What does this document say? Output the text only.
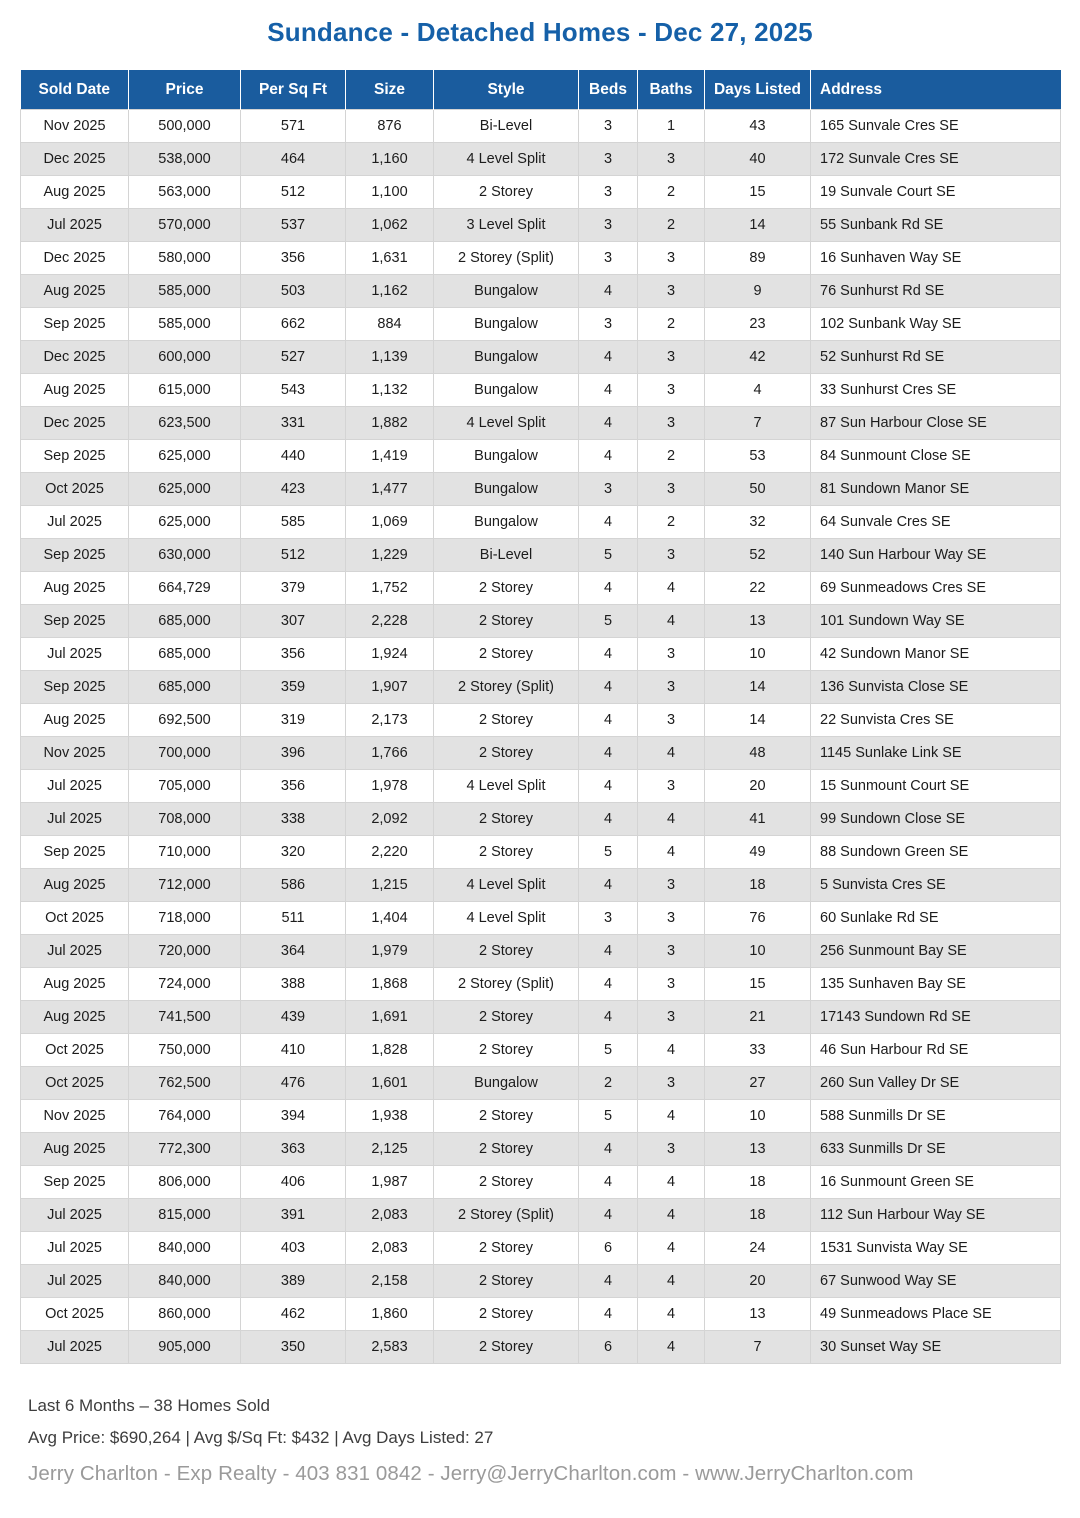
Sundance - Detached Homes - Dec 27, 2025
Sold Date	Price	Per Sq Ft	Size	Style	Beds	Baths	Days Listed	Address
Nov 2025	500,000	571	876	Bi-Level	3	1	43	165 Sunvale Cres SE
Dec 2025	538,000	464	1,160	4 Level Split	3	3	40	172 Sunvale Cres SE
Aug 2025	563,000	512	1,100	2 Storey	3	2	15	19 Sunvale Court SE
Jul 2025	570,000	537	1,062	3 Level Split	3	2	14	55 Sunbank Rd SE
Dec 2025	580,000	356	1,631	2 Storey (Split)	3	3	89	16 Sunhaven Way SE
Aug 2025	585,000	503	1,162	Bungalow	4	3	9	76 Sunhurst Rd SE
Sep 2025	585,000	662	884	Bungalow	3	2	23	102 Sunbank Way SE
Dec 2025	600,000	527	1,139	Bungalow	4	3	42	52 Sunhurst Rd SE
Aug 2025	615,000	543	1,132	Bungalow	4	3	4	33 Sunhurst Cres SE
Dec 2025	623,500	331	1,882	4 Level Split	4	3	7	87 Sun Harbour Close SE
Sep 2025	625,000	440	1,419	Bungalow	4	2	53	84 Sunmount Close SE
Oct 2025	625,000	423	1,477	Bungalow	3	3	50	81 Sundown Manor SE
Jul 2025	625,000	585	1,069	Bungalow	4	2	32	64 Sunvale Cres SE
Sep 2025	630,000	512	1,229	Bi-Level	5	3	52	140 Sun Harbour Way SE
Aug 2025	664,729	379	1,752	2 Storey	4	4	22	69 Sunmeadows Cres SE
Sep 2025	685,000	307	2,228	2 Storey	5	4	13	101 Sundown Way SE
Jul 2025	685,000	356	1,924	2 Storey	4	3	10	42 Sundown Manor SE
Sep 2025	685,000	359	1,907	2 Storey (Split)	4	3	14	136 Sunvista Close SE
Aug 2025	692,500	319	2,173	2 Storey	4	3	14	22 Sunvista Cres SE
Nov 2025	700,000	396	1,766	2 Storey	4	4	48	1145 Sunlake Link SE
Jul 2025	705,000	356	1,978	4 Level Split	4	3	20	15 Sunmount Court SE
Jul 2025	708,000	338	2,092	2 Storey	4	4	41	99 Sundown Close SE
Sep 2025	710,000	320	2,220	2 Storey	5	4	49	88 Sundown Green SE
Aug 2025	712,000	586	1,215	4 Level Split	4	3	18	5 Sunvista Cres SE
Oct 2025	718,000	511	1,404	4 Level Split	3	3	76	60 Sunlake Rd SE
Jul 2025	720,000	364	1,979	2 Storey	4	3	10	256 Sunmount Bay SE
Aug 2025	724,000	388	1,868	2 Storey (Split)	4	3	15	135 Sunhaven Bay SE
Aug 2025	741,500	439	1,691	2 Storey	4	3	21	17143 Sundown Rd SE
Oct 2025	750,000	410	1,828	2 Storey	5	4	33	46 Sun Harbour Rd SE
Oct 2025	762,500	476	1,601	Bungalow	2	3	27	260 Sun Valley Dr SE
Nov 2025	764,000	394	1,938	2 Storey	5	4	10	588 Sunmills Dr SE
Aug 2025	772,300	363	2,125	2 Storey	4	3	13	633 Sunmills Dr SE
Sep 2025	806,000	406	1,987	2 Storey	4	4	18	16 Sunmount Green SE
Jul 2025	815,000	391	2,083	2 Storey (Split)	4	4	18	112 Sun Harbour Way SE
Jul 2025	840,000	403	2,083	2 Storey	6	4	24	1531 Sunvista Way SE
Jul 2025	840,000	389	2,158	2 Storey	4	4	20	67 Sunwood Way SE
Oct 2025	860,000	462	1,860	2 Storey	4	4	13	49 Sunmeadows Place SE
Jul 2025	905,000	350	2,583	2 Storey	6	4	7	30 Sunset Way SE
Last 6 Months – 38 Homes Sold
Avg Price: $690,264 | Avg $/Sq Ft: $432 | Avg Days Listed: 27
Jerry Charlton - Exp Realty - 403 831 0842 - Jerry@JerryCharlton.com - www.JerryCharlton.com
